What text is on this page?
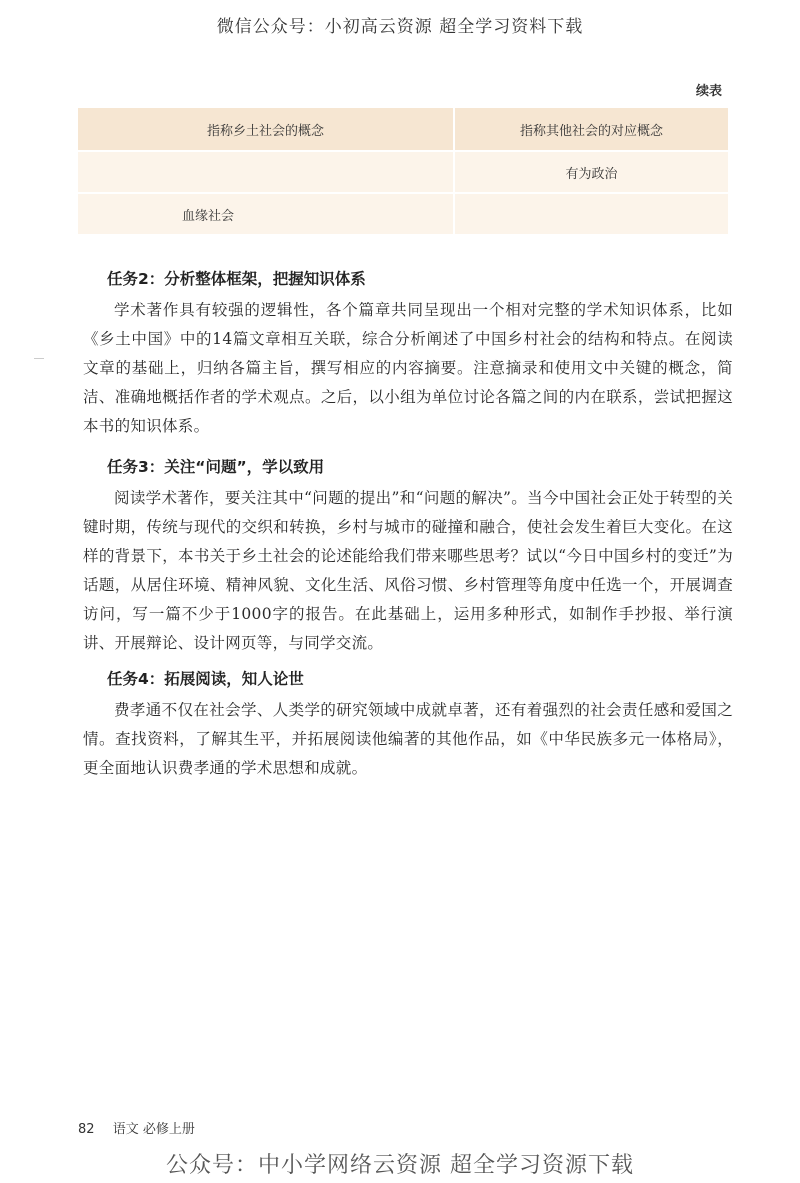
微信公众号：小初高云资源 超全学习资料下载
续表
指称乡土社会的概念	指称其他社会的对应概念
	有为政治
血缘社会	

任务2：分析整体框架，把握知识体系

学术著作具有较强的逻辑性，各个篇章共同呈现出一个相对完整的学术知识体系，比如《乡土中国》中的14篇文章相互关联，综合分析阐述了中国乡村社会的结构和特点。在阅读文章的基础上，归纳各篇主旨，撰写相应的内容摘要。注意摘录和使用文中关键的概念，简洁、准确地概括作者的学术观点。之后，以小组为单位讨论各篇之间的内在联系，尝试把握这本书的知识体系。

任务3：关注“问题”，学以致用

阅读学术著作，要关注其中“问题的提出”和“问题的解决”。当今中国社会正处于转型的关键时期，传统与现代的交织和转换，乡村与城市的碰撞和融合，使社会发生着巨大变化。在这样的背景下，本书关于乡土社会的论述能给我们带来哪些思考？试以“今日中国乡村的变迁”为话题，从居住环境、精神风貌、文化生活、风俗习惯、乡村管理等角度中任选一个，开展调查访问，写一篇不少于1000字的报告。在此基础上，运用多种形式，如制作手抄报、举行演讲、开展辩论、设计网页等，与同学交流。

任务4：拓展阅读，知人论世

费孝通不仅在社会学、人类学的研究领域中成就卓著，还有着强烈的社会责任感和爱国之情。查找资料，了解其生平，并拓展阅读他编著的其他作品，如《中华民族多元一体格局》，更全面地认识费孝通的学术思想和成就。

82 语文 必修上册
公众号：中小学网络云资源 超全学习资源下载
